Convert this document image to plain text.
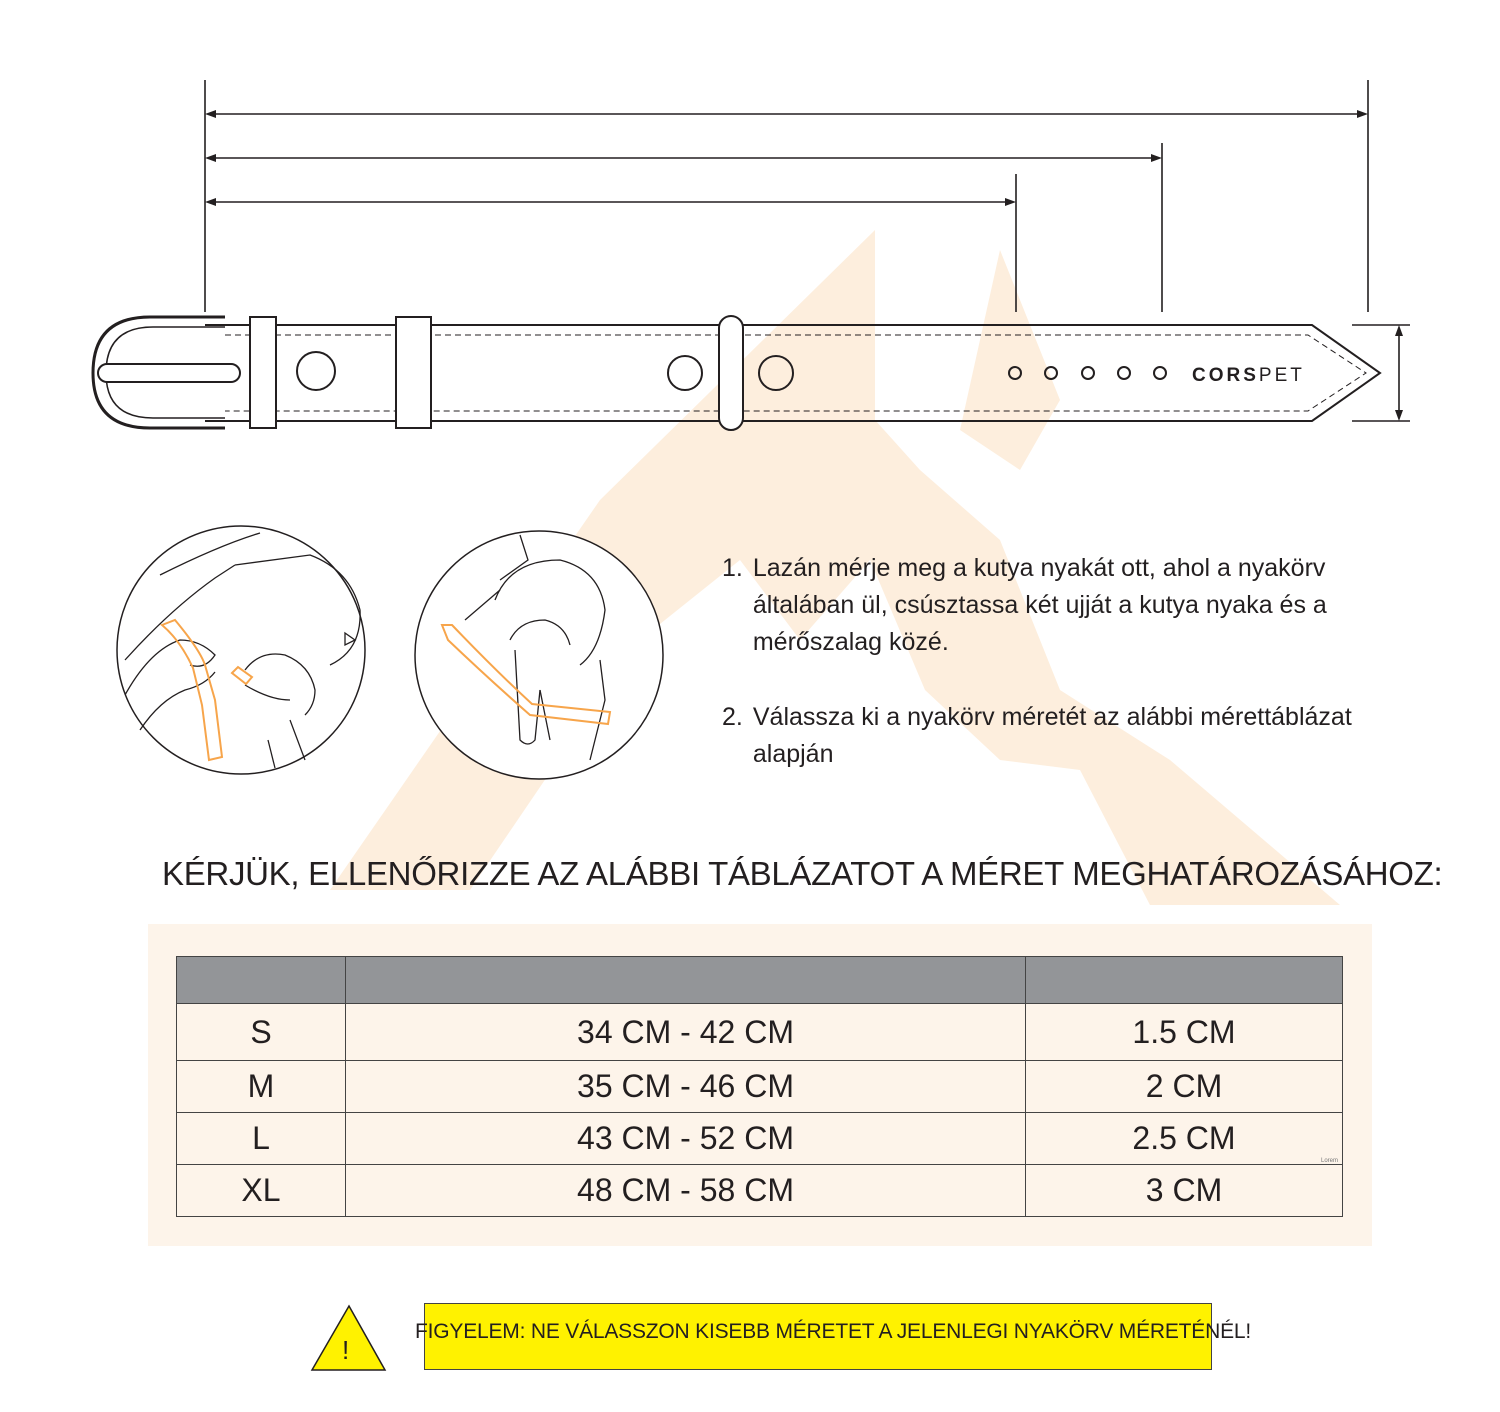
CORSPET
!
1. Lazán mérje meg a kutya nyakát ott, ahol a nyakörv általában ül, csúsztassa két ujját a kutya nyaka és a mérőszalag közé.
2. Válassza ki a nyakörv méretét az alábbi mérettáblázat alapján
KÉRJÜK, ELLENŐRIZZE AZ ALÁBBI TÁBLÁZATOT A MÉRET MEGHATÁROZÁSÁHOZ:

S	34 CM - 42 CM	1.5 CM
M	35 CM - 46 CM	2 CM
L	43 CM - 52 CM	2.5 CM
XL	48 CM - 58 CM	3 CM
Lorem
FIGYELEM: NE VÁLASSZON KISEBB MÉRETET A JELENLEGI NYAKÖRV MÉRETÉNÉL!
